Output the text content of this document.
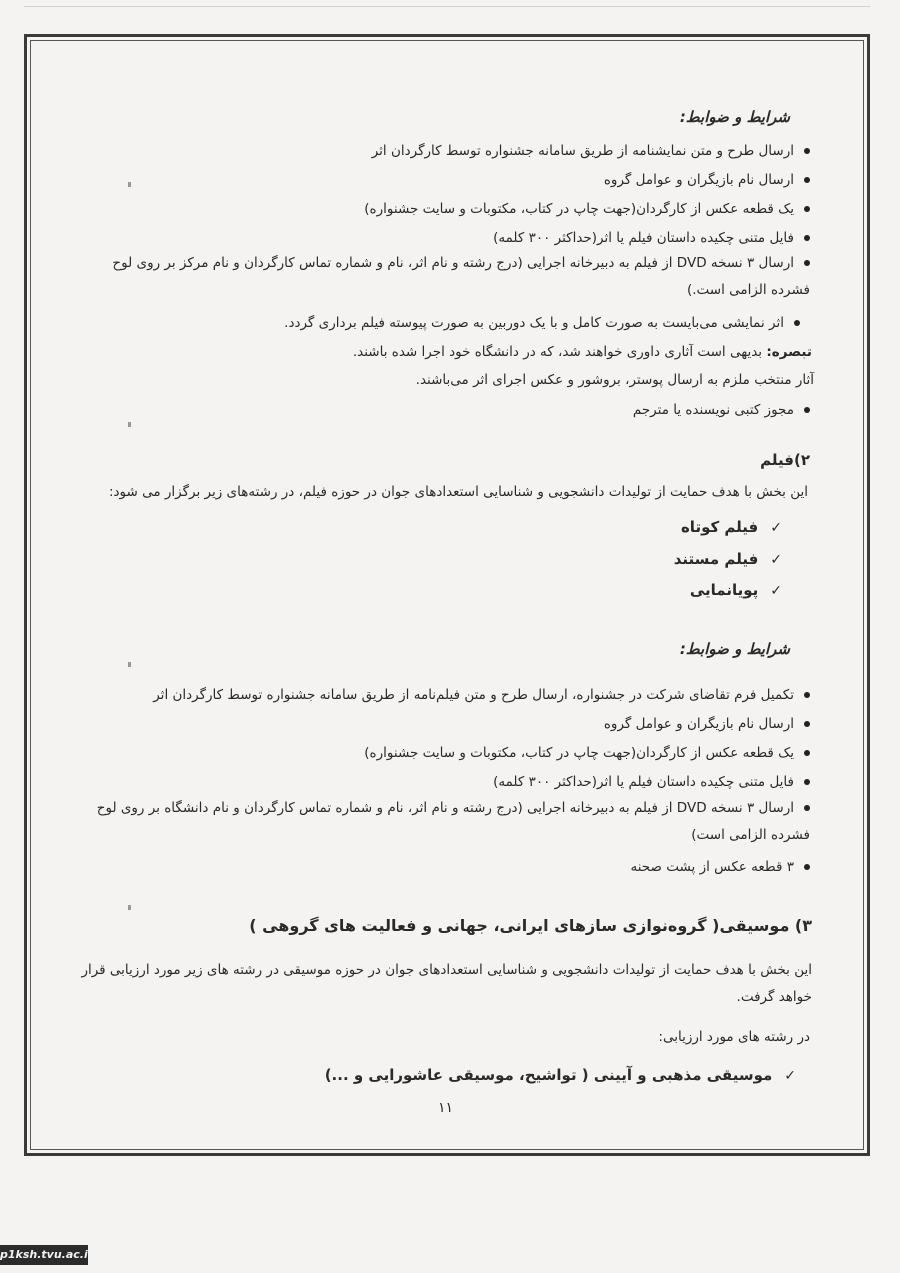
شرایط و ضوابط:
ارسال طرح و متن نمایشنامه از طریق سامانه جشنواره توسط کارگردان اثر
ارسال نام بازیگران و عوامل گروه
یک قطعه عکس از کارگردان(جهت چاپ در کتاب، مکتوبات و سایت جشنواره)
فایل متنی چکیده داستان فیلم یا اثر(حداکثر ۳۰۰ کلمه)
ارسال ۳ نسخه DVD از فیلم به دبیرخانه اجرایی (درج رشته و نام اثر، نام و شماره تماس کارگردان و نام مرکز بر روی لوح فشرده الزامی است.)
اثر نمایشی می‌بایست به صورت کامل و با یک دوربین به صورت پیوسته فیلم برداری گردد.
تبصره: بدیهی است آثاری داوری خواهند شد، که در دانشگاه خود اجرا شده باشند.
آثار منتخب ملزم به ارسال پوستر، بروشور و عکس اجرای اثر می‌باشند.
مجوز کتبی نویسنده یا مترجم
۲)فیلم
این بخش با هدف حمایت از تولیدات دانشجویی و شناسایی استعدادهای جوان در حوزه فیلم، در رشته‌های زیر برگزار می شود:
✓فیلم کوتاه
✓فیلم مستند
✓پویانمایی
شرایط و ضوابط:
تکمیل فرم تقاضای شرکت در جشنواره، ارسال طرح و متن فیلم‌نامه از طریق سامانه جشنواره توسط کارگردان اثر
ارسال نام بازیگران و عوامل گروه
یک قطعه عکس از کارگردان(جهت چاپ در کتاب، مکتوبات و سایت جشنواره)
فایل متنی چکیده داستان فیلم یا اثر(حداکثر ۳۰۰ کلمه)
ارسال ۳ نسخه DVD از فیلم به دبیرخانه اجرایی (درج رشته و نام اثر، نام و شماره تماس کارگردان و نام دانشگاه بر روی لوح فشرده الزامی است)
۳ قطعه عکس از پشت صحنه
۳) موسیقی( گروه‌نوازی سازهای ایرانی، جهانی و فعالیت های گروهی )
این بخش با هدف حمایت از تولیدات دانشجویی و شناسایی استعدادهای جوان در حوزه موسیقی در رشته های زیر مورد ارزیابی قرار خواهد گرفت.
در رشته های مورد ارزیابی:
✓موسیقی مذهبی و آیینی ( تواشیح، موسیقی عاشورایی و ...)
۱۱
p1ksh.tvu.ac.ir
